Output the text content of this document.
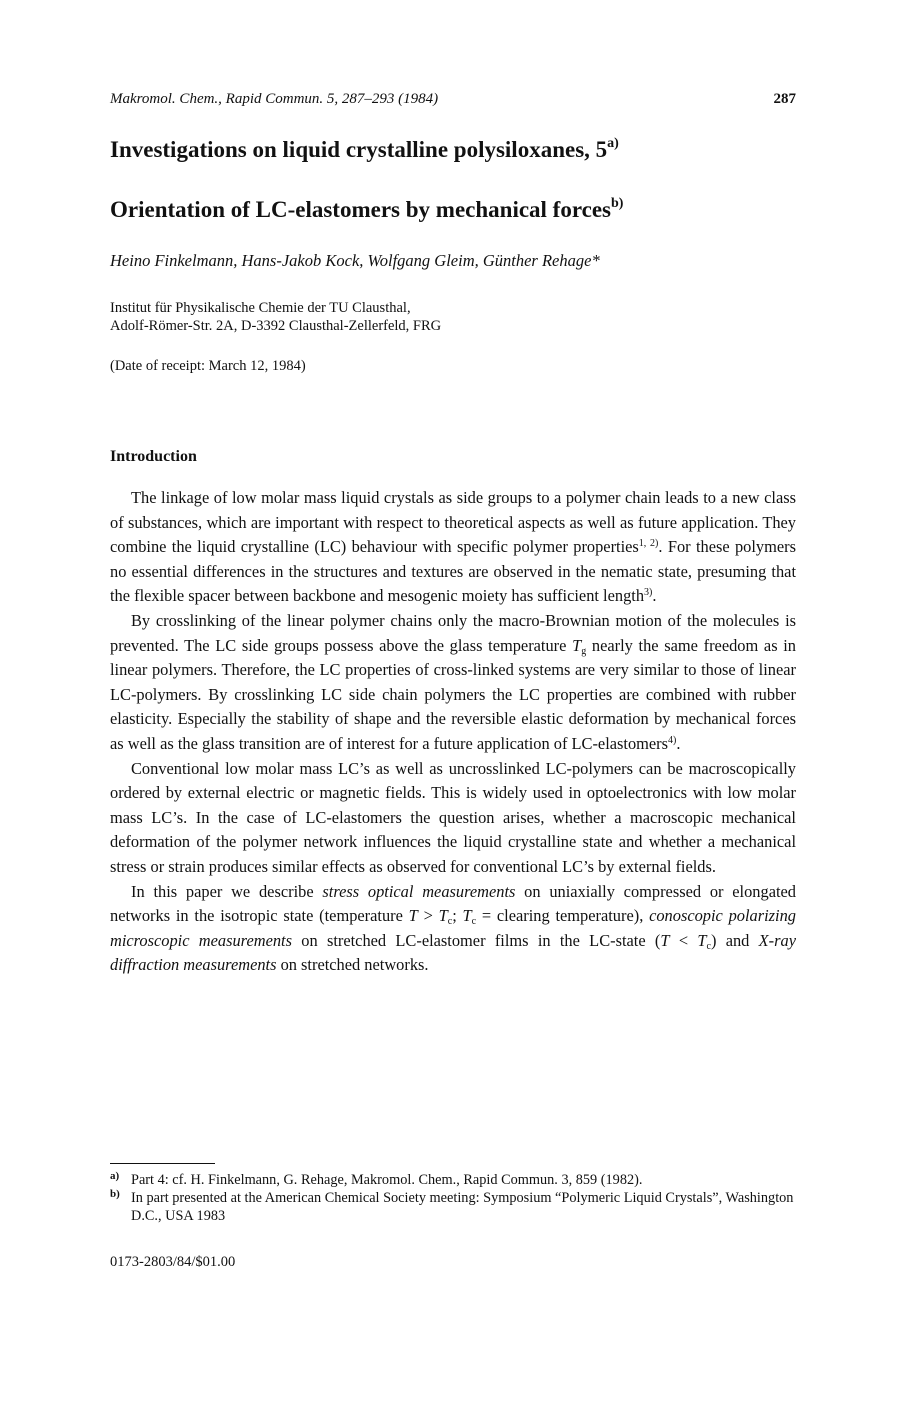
Makromol. Chem., Rapid Commun. 5, 287–293 (1984)	287
Investigations on liquid crystalline polysiloxanes, 5$^{a)}$
Orientation of LC-elastomers by mechanical forces$^{b)}$
Heino Finkelmann, Hans-Jakob Kock, Wolfgang Gleim, Günther Rehage*
Institut für Physikalische Chemie der TU Clausthal,
Adolf-Römer-Str. 2A, D-3392 Clausthal-Zellerfeld, FRG
(Date of receipt: March 12, 1984)
Introduction

The linkage of low molar mass liquid crystals as side groups to a polymer chain leads to a new class of substances, which are important with respect to theoretical aspects as well as future application. They combine the liquid crystalline (LC) behaviour with specific polymer properties$^{1, 2)}$. For these polymers no essential differences in the structures and textures are observed in the nematic state, presuming that the flexible spacer between backbone and mesogenic moiety has sufficient length$^{3)}$.

By crosslinking of the linear polymer chains only the macro-Brownian motion of the molecules is prevented. The LC side groups possess above the glass temperature $T_g$ nearly the same freedom as in linear polymers. Therefore, the LC properties of cross-linked systems are very similar to those of linear LC-polymers. By crosslinking LC side chain polymers the LC properties are combined with rubber elasticity. Especially the stability of shape and the reversible elastic deformation by mechanical forces as well as the glass transition are of interest for a future application of LC-elastomers$^{4)}$.

Conventional low molar mass LC’s as well as uncrosslinked LC-polymers can be macroscopically ordered by external electric or magnetic fields. This is widely used in optoelectronics with low molar mass LC’s. In the case of LC-elastomers the question arises, whether a macroscopic mechanical deformation of the polymer network influences the liquid crystalline state and whether a mechanical stress or strain produces similar effects as observed for conventional LC’s by external fields.

In this paper we describe stress optical measurements on uniaxially compressed or elongated networks in the isotropic state (temperature $T > T_c$; $T_c$ = clearing temperature), conoscopic polarizing microscopic measurements on stretched LC-elastomer films in the LC-state $(T < T_c)$ and X-ray diffraction measurements on stretched networks.

a) Part 4: cf. H. Finkelmann, G. Rehage, Makromol. Chem., Rapid Commun. 3, 859 (1982).
b) In part presented at the American Chemical Society meeting: Symposium “Polymeric Liquid Crystals”, Washington D.C., USA 1983
0173-2803/84/$01.00
